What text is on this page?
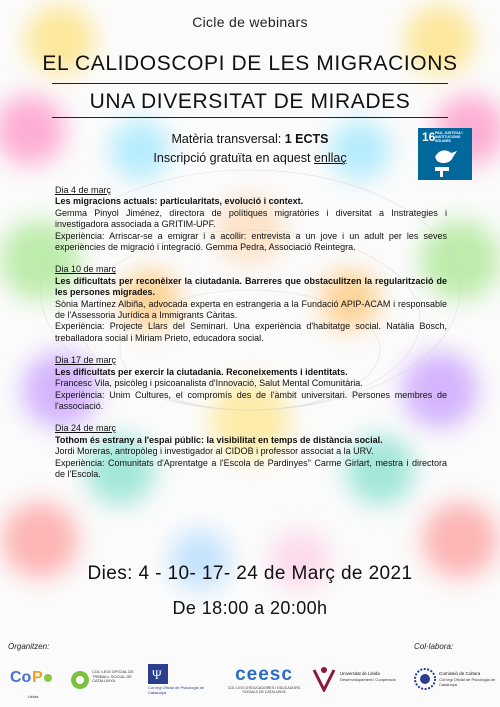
Cicle de webinars
EL CALIDOSCOPI DE LES MIGRACIONS
UNA DIVERSITAT DE MIRADES
Matèria transversal: 1 ECTS
Inscripció gratuïta en aquest enllaç
16 PAU, JUSTÍCIA I INSTITUCIONS SÒLIDES
Dia 4 de març
Les migracions actuals: particularitats, evolució i context.
Gemma Pinyol Jiménez, directora de polítiques migratòries i diversitat a Instrategies i investigadora associada a GRITIM-UPF.
Experiència: Arriscar-se a emigrar i a acollir: entrevista a un jove i un adult per les seves experiències de migració i integració. Gemma Pedra, Associació Reintegra.
Dia 10 de març
Les dificultats per reconèixer la ciutadania. Barreres que obstaculitzen la regularització de les persones migrades.
Sònia Martínez Albiña, advocada experta en estrangeria a la Fundació APIP-ACAM i responsable de l'Assessoria Jurídica a Immigrants Càritas.
Experiència: Projecte Llars del Seminari. Una experiència d'habitatge social. Natàlia Bosch, treballadora social i Miriam Prieto, educadora social.
Dia 17 de març
Les dificultats per exercir la ciutadania. Reconeixements i identitats.
Francesc Vila, psicòleg i psicoanalista d'Innovació, Salut Mental Comunitària.
Experiència: Unim Cultures, el compromís des de l'àmbit universitari. Persones membres de l'associació.
Dia 24 de març
Tothom és estrany a l'espai públic: la visibilitat en temps de distància social.
Jordi Moreras, antropòleg i investigador al CIDOB i professor associat a la URV.
Experiència: Comunitats d'Aprentatge a l'Escola de Pardinyes" Carme Girlart, mestra i directora de l'Escola.
Dies: 4 - 10- 17- 24 de Març de 2021
De 18:00 a 20:00h
Organitzen:	Col·labora:
Co P
Lleida
COL·LEGI OFICIAL DE TREBALL SOCIAL DE CATALUNYA	Ψ
Col·legi Oficial de Psicologia de Catalunya
ceesc
COL·LEGI D'EDUCADORES I EDUCADORS SOCIALS DE CATALUNYA
Universitat de Lleida
Desenvolupament i Cooperació
Comissió de Cultura
Col·legi Oficial de Psicologia de Catalunya
